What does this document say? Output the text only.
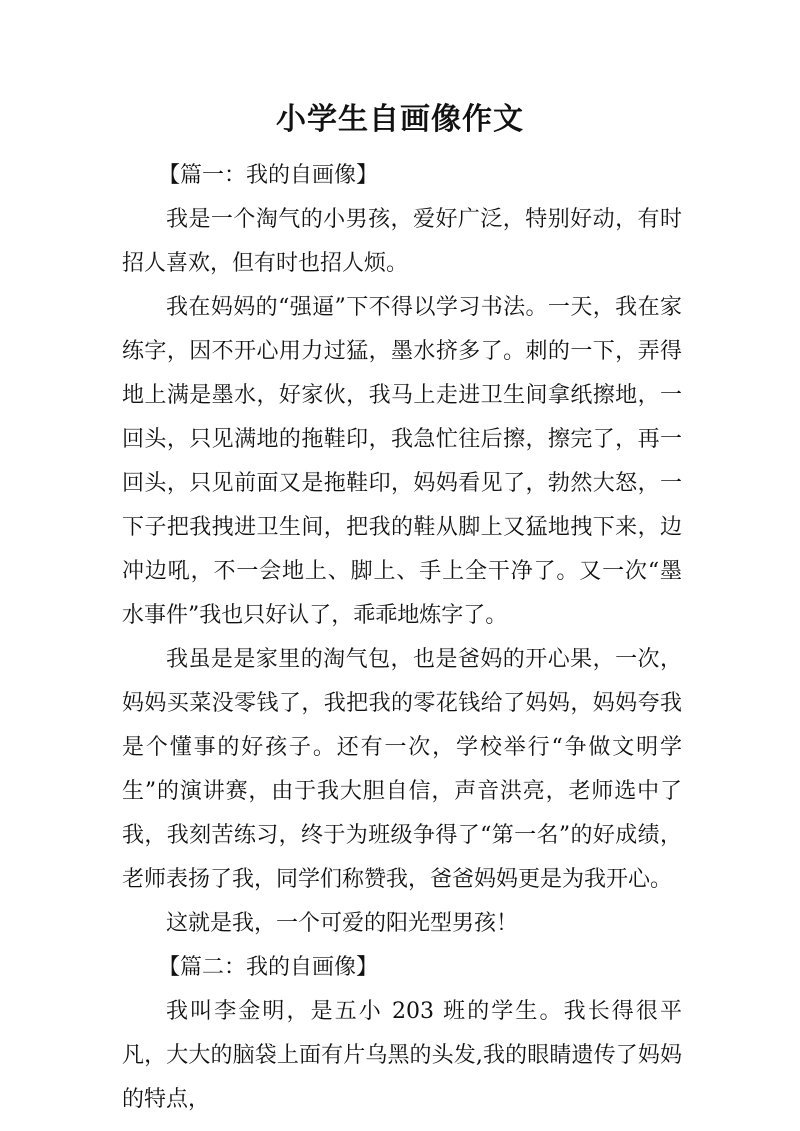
小学生自画像作文

【篇一：我的自画像】

我是一个淘气的小男孩，爱好广泛，特别好动，有时招人喜欢，但有时也招人烦。

我在妈妈的“强逼”下不得以学习书法。一天，我在家练字，因不开心用力过猛，墨水挤多了。刺的一下，弄得地上满是墨水，好家伙，我马上走进卫生间拿纸擦地，一回头，只见满地的拖鞋印，我急忙往后擦，擦完了，再一回头，只见前面又是拖鞋印，妈妈看见了，勃然大怒，一下子把我拽进卫生间，把我的鞋从脚上又猛地拽下来，边冲边吼，不一会地上、脚上、手上全干净了。又一次“墨水事件”我也只好认了，乖乖地炼字了。

我虽是是家里的淘气包，也是爸妈的开心果，一次，妈妈买菜没零钱了，我把我的零花钱给了妈妈，妈妈夸我是个懂事的好孩子。还有一次，学校举行“争做文明学生”的演讲赛，由于我大胆自信，声音洪亮，老师选中了我，我刻苦练习，终于为班级争得了“第一名”的好成绩，老师表扬了我，同学们称赞我，爸爸妈妈更是为我开心。

这就是我，一个可爱的阳光型男孩！

【篇二：我的自画像】

我叫李金明，是五小 203 班的学生。我长得很平凡，大大的脑袋上面有片乌黑的头发,我的眼睛遗传了妈妈的特点，
